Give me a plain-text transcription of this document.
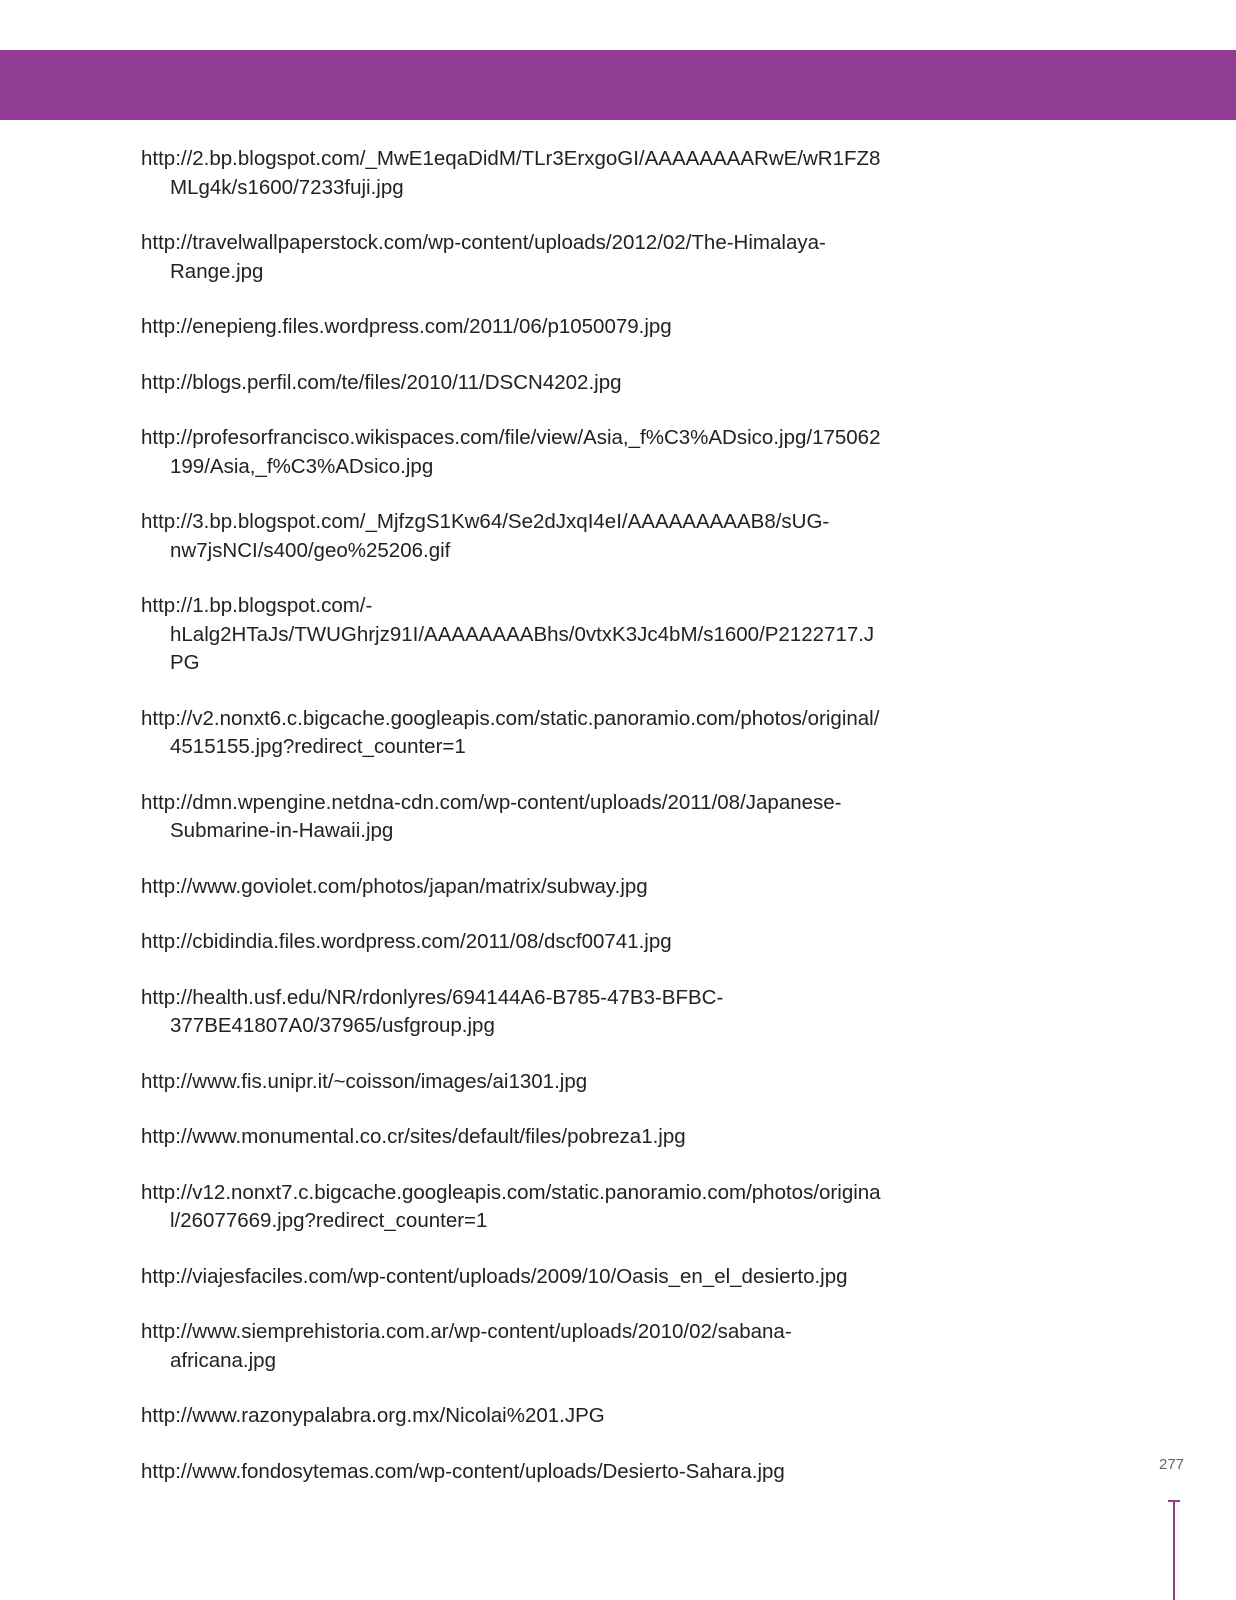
http://2.bp.blogspot.com/_MwE1eqaDidM/TLr3ErxgoGI/AAAAAAAARwE/wR1FZ8MLg4k/s1600/7233fuji.jpg
http://travelwallpaperstock.com/wp-content/uploads/2012/02/The-Himalaya-Range.jpg
http://enepieng.files.wordpress.com/2011/06/p1050079.jpg
http://blogs.perfil.com/te/files/2010/11/DSCN4202.jpg
http://profesorfrancisco.wikispaces.com/file/view/Asia,_f%C3%ADsico.jpg/175062199/Asia,_f%C3%ADsico.jpg
http://3.bp.blogspot.com/_MjfzgS1Kw64/Se2dJxqI4eI/AAAAAAAAAB8/sUG-nw7jsNCI/s400/geo%25206.gif
http://1.bp.blogspot.com/-hLalg2HTaJs/TWUGhrjz91I/AAAAAAAABhs/0vtxK3Jc4bM/s1600/P2122717.JPG
http://v2.nonxt6.c.bigcache.googleapis.com/static.panoramio.com/photos/original/4515155.jpg?redirect_counter=1
http://dmn.wpengine.netdna-cdn.com/wp-content/uploads/2011/08/Japanese-Submarine-in-Hawaii.jpg
http://www.goviolet.com/photos/japan/matrix/subway.jpg
http://cbidindia.files.wordpress.com/2011/08/dscf00741.jpg
http://health.usf.edu/NR/rdonlyres/694144A6-B785-47B3-BFBC-377BE41807A0/37965/usfgroup.jpg
http://www.fis.unipr.it/~coisson/images/ai1301.jpg
http://www.monumental.co.cr/sites/default/files/pobreza1.jpg
http://v12.nonxt7.c.bigcache.googleapis.com/static.panoramio.com/photos/original/26077669.jpg?redirect_counter=1
http://viajesfaciles.com/wp-content/uploads/2009/10/Oasis_en_el_desierto.jpg
http://www.siemprehistoria.com.ar/wp-content/uploads/2010/02/sabana-africana.jpg
http://www.razonypalabra.org.mx/Nicolai%201.JPG
http://www.fondosytemas.com/wp-content/uploads/Desierto-Sahara.jpg	277
